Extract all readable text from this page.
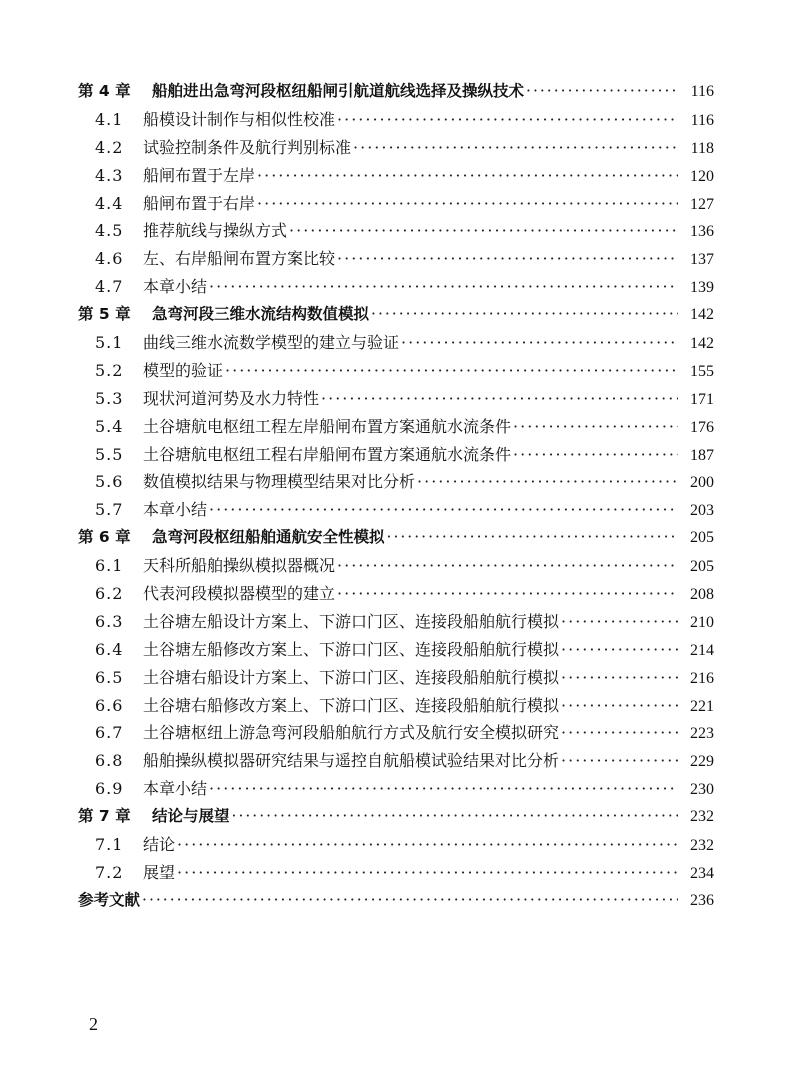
第 4 章	船舶进出急弯河段枢纽船闸引航道航线选择及操纵技术 ·····	116
4.1	船模设计制作与相似性校准 ·····	116
4.2	试验控制条件及航行判别标准 ·····	118
4.3	船闸布置于左岸 ·····	120
4.4	船闸布置于右岸 ·····	127
4.5	推荐航线与操纵方式 ·····	136
4.6	左、右岸船闸布置方案比较 ·····	137
4.7	本章小结 ·····	139
第 5 章	急弯河段三维水流结构数值模拟 ·····	142
5.1	曲线三维水流数学模型的建立与验证 ·····	142
5.2	模型的验证 ·····	155
5.3	现状河道河势及水力特性 ·····	171
5.4	土谷塘航电枢纽工程左岸船闸布置方案通航水流条件 ·····	176
5.5	土谷塘航电枢纽工程右岸船闸布置方案通航水流条件 ·····	187
5.6	数值模拟结果与物理模型结果对比分析 ·····	200
5.7	本章小结 ·····	203
第 6 章	急弯河段枢纽船舶通航安全性模拟 ·····	205
6.1	天科所船舶操纵模拟器概况 ·····	205
6.2	代表河段模拟器模型的建立 ·····	208
6.3	土谷塘左船设计方案上、下游口门区、连接段船舶航行模拟 ·····	210
6.4	土谷塘左船修改方案上、下游口门区、连接段船舶航行模拟 ·····	214
6.5	土谷塘右船设计方案上、下游口门区、连接段船舶航行模拟 ·····	216
6.6	土谷塘右船修改方案上、下游口门区、连接段船舶航行模拟 ·····	221
6.7	土谷塘枢纽上游急弯河段船舶航行方式及航行安全模拟研究 ·····	223
6.8	船舶操纵模拟器研究结果与遥控自航船模试验结果对比分析 ·····	229
6.9	本章小结 ·····	230
第 7 章	结论与展望 ·····	232
7.1	结论 ·····	232
7.2	展望 ·····	234
参考文献 ·····	236
2
